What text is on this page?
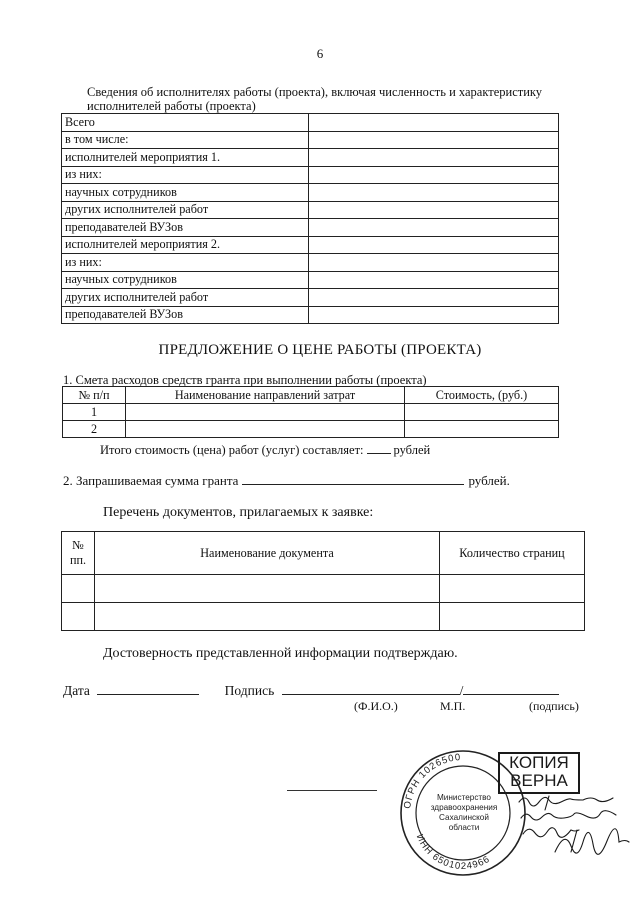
6
Сведения об исполнителях работы (проекта), включая численность и характеристику
исполнителей работы (проекта)
Всего	
в том числе:	
исполнителей мероприятия 1.	
из них:	
научных сотрудников	
других исполнителей работ	
преподавателей ВУЗов	
исполнителей мероприятия 2.	
из них:	
научных сотрудников	
других исполнителей работ	
преподавателей ВУЗов	
ПРЕДЛОЖЕНИЕ О ЦЕНЕ РАБОТЫ (ПРОЕКТА)
1. Смета расходов средств гранта при выполнении работы (проекта)
№ п/п	Наименование направлений затрат	Стоимость, (руб.)
1		
2		
Итого стоимость (цена) работ (услуг) составляет: рублей
2. Запрашиваемая сумма гранта	рублей.
Перечень документов, прилагаемых к заявке:
№
пп.	Наименование документа	Количество страниц

Достоверность представленной информации подтверждаю.
Дата	Подпись	/
(Ф.И.О.)	М.П.	(подпись)
ОГРН 1026500
ИНН 6501024966
Министерство
здравоохранения
Сахалинской
области
КОПИЯ
ВЕРНА
